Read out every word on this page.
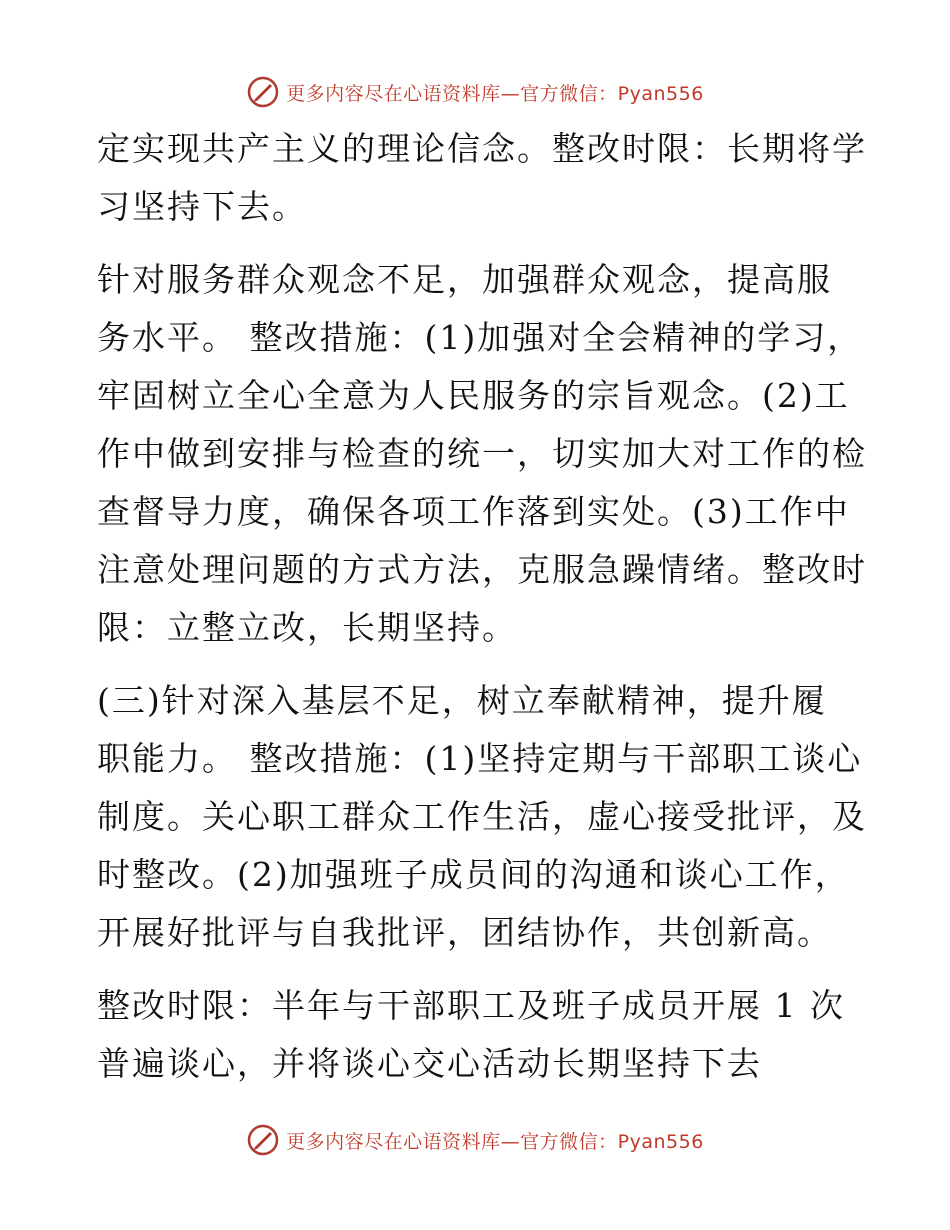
更多内容尽在心语资料库—官方微信：Pyan556
定实现共产主义的理论信念。整改时限：长期将学
习坚持下去。
针对服务群众观念不足，加强群众观念，提高服
务水平。 整改措施：(1)加强对全会精神的学习，
牢固树立全心全意为人民服务的宗旨观念。(2)工
作中做到安排与检查的统一，切实加大对工作的检
查督导力度，确保各项工作落到实处。(3)工作中
注意处理问题的方式方法，克服急躁情绪。整改时
限：立整立改，长期坚持。
(三)针对深入基层不足，树立奉献精神，提升履
职能力。 整改措施：(1)坚持定期与干部职工谈心
制度。关心职工群众工作生活，虚心接受批评，及
时整改。(2)加强班子成员间的沟通和谈心工作，
开展好批评与自我批评，团结协作，共创新高。
整改时限：半年与干部职工及班子成员开展 1 次
普遍谈心，并将谈心交心活动长期坚持下去
更多内容尽在心语资料库—官方微信：Pyan556
